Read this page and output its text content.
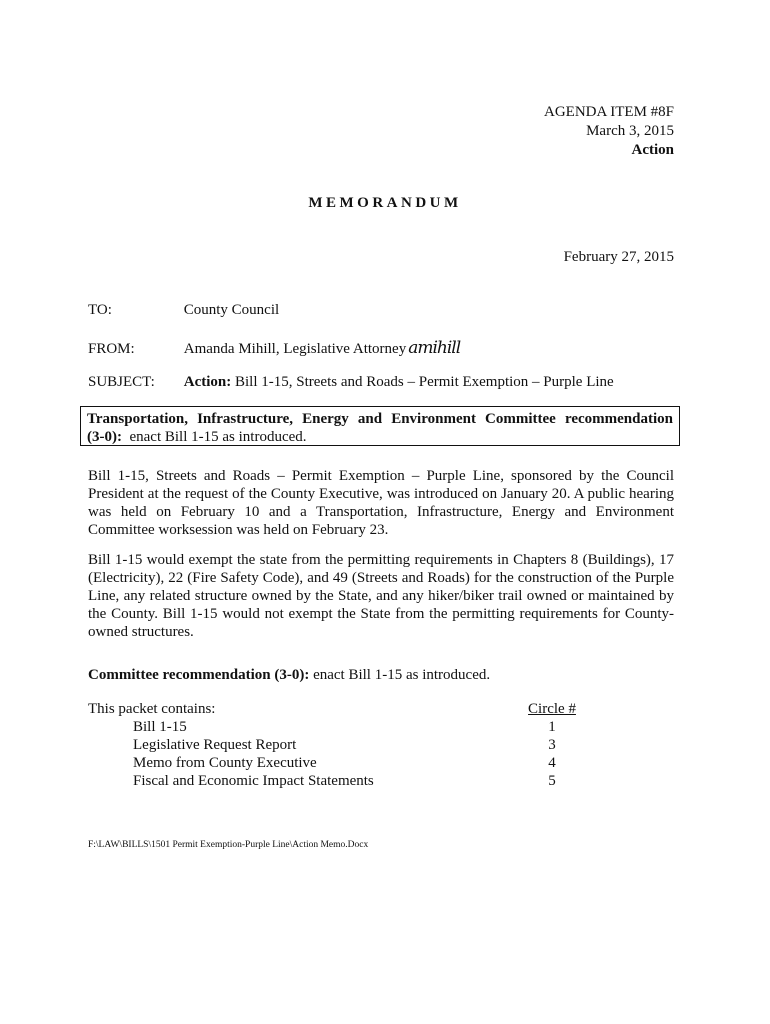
AGENDA ITEM #8F
March 3, 2015
Action
MEMORANDUM
February 27, 2015
TO:	County Council
FROM:	Amanda Mihill, Legislative Attorney amihill
SUBJECT: Action: Bill 1-15, Streets and Roads – Permit Exemption – Purple Line
Transportation, Infrastructure, Energy and Environment Committee recommendation
(3-0): enact Bill 1-15 as introduced.
Bill 1-15, Streets and Roads – Permit Exemption – Purple Line, sponsored by the Council President at the request of the County Executive, was introduced on January 20. A public hearing was held on February 10 and a Transportation, Infrastructure, Energy and Environment Committee worksession was held on February 23.
Bill 1-15 would exempt the state from the permitting requirements in Chapters 8 (Buildings), 17 (Electricity), 22 (Fire Safety Code), and 49 (Streets and Roads) for the construction of the Purple Line, any related structure owned by the State, and any hiker/biker trail owned or maintained by the County. Bill 1-15 would not exempt the State from the permitting requirements for County-owned structures.
Committee recommendation (3-0): enact Bill 1-15 as introduced.
This packet contains:	Circle #
Bill 1-15	1
Legislative Request Report	3
Memo from County Executive	4
Fiscal and Economic Impact Statements	5
F:\LAW\BILLS\1501 Permit Exemption-Purple Line\Action Memo.Docx
